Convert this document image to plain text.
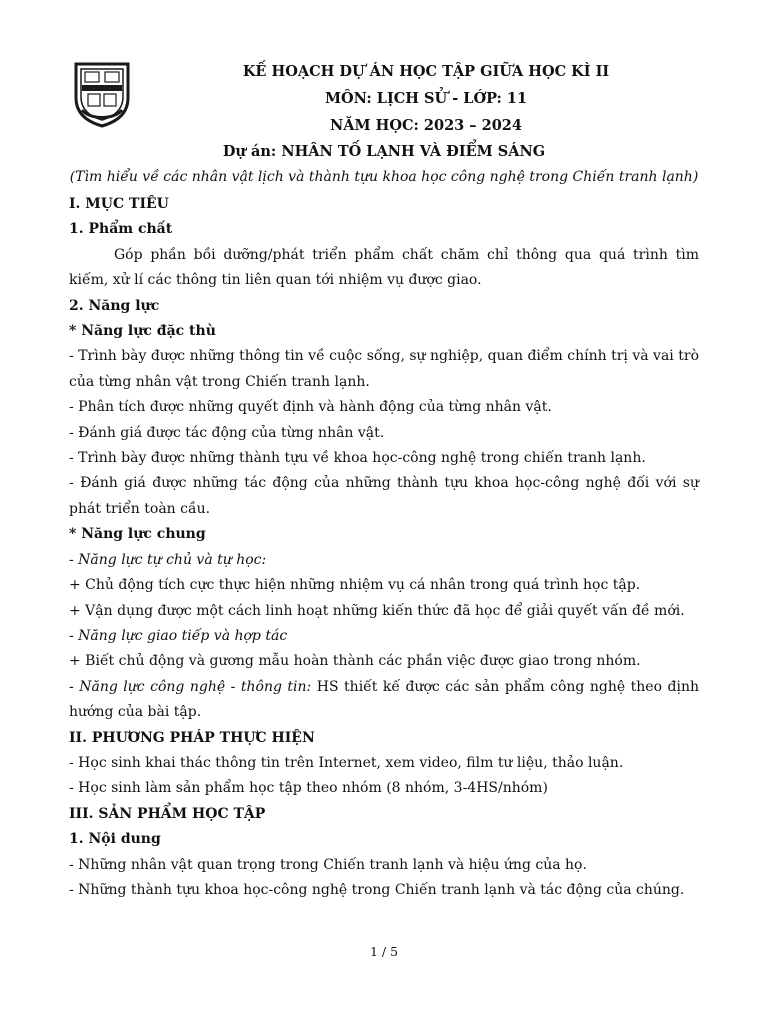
KẾ HOẠCH DỰ ÁN HỌC TẬP GIỮA HỌC KÌ II
MÔN: LỊCH SỬ - LỚP: 11
NĂM HỌC: 2023 – 2024
Dự án: NHÂN TỐ LẠNH VÀ ĐIỂM SÁNG
(Tìm hiểu về các nhân vật lịch và thành tựu khoa học công nghệ trong Chiến tranh lạnh)

I. MỤC TIÊU

1. Phẩm chất

Góp phần bồi dưỡng/phát triển phẩm chất chăm chỉ thông qua quá trình tìm kiếm, xử lí các thông tin liên quan tới nhiệm vụ được giao.

2. Năng lực

* Năng lực đặc thù

- Trình bày được những thông tin về cuộc sống, sự nghiệp, quan điểm chính trị và vai trò của từng nhân vật trong Chiến tranh lạnh.

- Phân tích được những quyết định và hành động của từng nhân vật.

- Đánh giá được tác động của từng nhân vật.

- Trình bày được những thành tựu về khoa học-công nghệ trong chiến tranh lạnh.

- Đánh giá được những tác động của những thành tựu khoa học-công nghệ đối với sự phát triển toàn cầu.

* Năng lực chung

- Năng lực tự chủ và tự học:

+ Chủ động tích cực thực hiện những nhiệm vụ cá nhân trong quá trình học tập.

+ Vận dụng được một cách linh hoạt những kiến thức đã học để giải quyết vấn đề mới.

- Năng lực giao tiếp và hợp tác

+ Biết chủ động và gương mẫu hoàn thành các phần việc được giao trong nhóm.

- Năng lực công nghệ - thông tin: HS thiết kế được các sản phẩm công nghệ theo định hướng của bài tập.

II. PHƯƠNG PHÁP THỰC HIỆN

- Học sinh khai thác thông tin trên Internet, xem video, film tư liệu, thảo luận.

- Học sinh làm sản phẩm học tập theo nhóm (8 nhóm, 3-4HS/nhóm)

III. SẢN PHẨM HỌC TẬP

1. Nội dung

- Những nhân vật quan trọng trong Chiến tranh lạnh và hiệu ứng của họ.

- Những thành tựu khoa học-công nghệ trong Chiến tranh lạnh và tác động của chúng.

1 / 5
